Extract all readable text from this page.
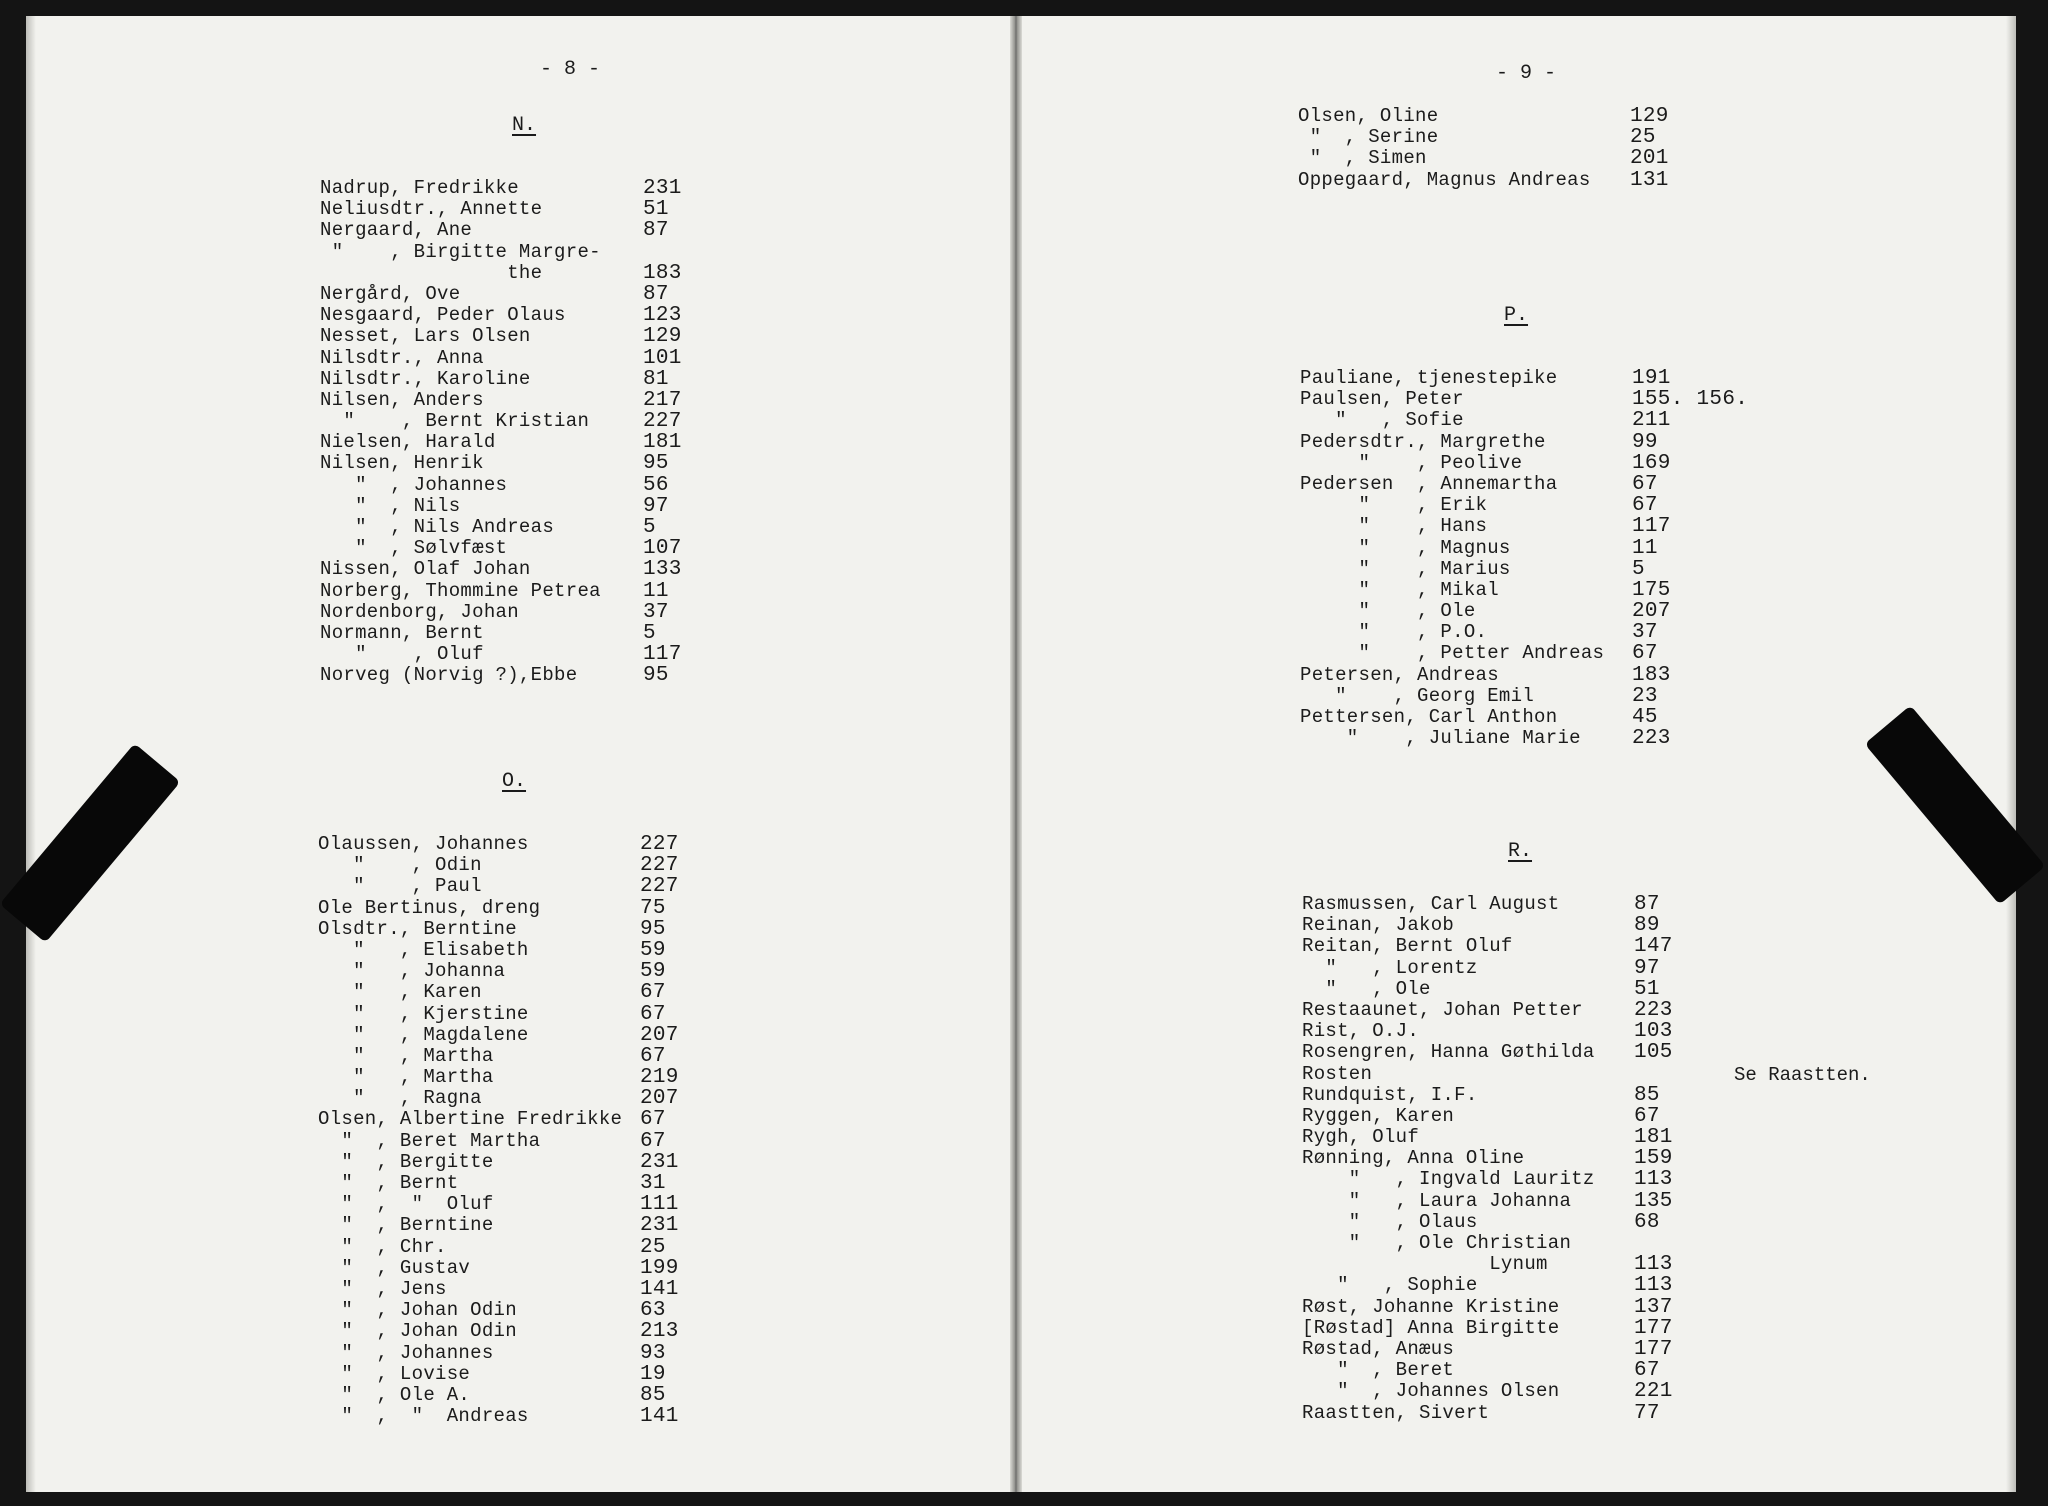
- 8 -
N.
Nadrup, Fredrikke
Neliusdtr., Annette
Nergaard, Ane
"    , Birgitte Margre-
the
Nergård, Ove
Nesgaard, Peder Olaus
Nesset, Lars Olsen
Nilsdtr., Anna
Nilsdtr., Karoline
Nilsen, Anders
"    , Bernt Kristian
Nielsen, Harald
Nilsen, Henrik
"  , Johannes
"  , Nils
"  , Nils Andreas
"  , Sølvfæst
Nissen, Olaf Johan
Norberg, Thommine Petrea
Nordenborg, Johan
Normann, Bernt
"    , Oluf
Norveg (Norvig ?),Ebbe
231
51
87
183
87
123
129
101
81
217
227
181
95
56
97
5
107
133
11
37
5
117
95
O.
Olaussen, Johannes
"    , Odin
"    , Paul
Ole Bertinus, dreng
Olsdtr., Berntine
"   , Elisabeth
"   , Johanna
"   , Karen
"   , Kjerstine
"   , Magdalene
"   , Martha
"   , Martha
"   , Ragna
Olsen, Albertine Fredrikke
"  , Beret Martha
"  , Bergitte
"  , Bernt
"  ,  "  Oluf
"  , Berntine
"  , Chr.
"  , Gustav
"  , Jens
"  , Johan Odin
"  , Johan Odin
"  , Johannes
"  , Lovise
"  , Ole A.
"  ,  "  Andreas
227
227
227
75
95
59
59
67
67
207
67
219
207
67
67
231
31
111
231
25
199
141
63
213
93
19
85
141
- 9 -
Olsen, Oline
"  , Serine
"  , Simen
Oppegaard, Magnus Andreas
129
25
201
131
P.
Pauliane, tjenestepike
Paulsen, Peter
"   , Sofie
Pedersdtr., Margrethe
"    , Peolive
Pedersen  , Annemartha
"    , Erik
"    , Hans
"    , Magnus
"    , Marius
"    , Mikal
"    , Ole
"    , P.O.
"    , Petter Andreas
Petersen, Andreas
"    , Georg Emil
Pettersen, Carl Anthon
"    , Juliane Marie
191
155. 156.
211
99
169
67
67
117
11
5
175
207
37
67
183
23
45
223
R.
Rasmussen, Carl August
Reinan, Jakob
Reitan, Bernt Oluf
"   , Lorentz
"   , Ole
Restaaunet, Johan Petter
Rist, O.J.
Rosengren, Hanna Gøthilda
Rosten
Rundquist, I.F.
Ryggen, Karen
Rygh, Oluf
Rønning, Anna Oline
"   , Ingvald Lauritz
"   , Laura Johanna
"   , Olaus
"   , Ole Christian
Lynum
"   , Sophie
Røst, Johanne Kristine
[Røstad] Anna Birgitte
Røstad, Anæus
"  , Beret
"  , Johannes Olsen
Raastten, Sivert
87
89
147
97
51
223
103
105
85
67
181
159
113
135
68
113
113
137
177
177
67
221
77
Se Raastten.
